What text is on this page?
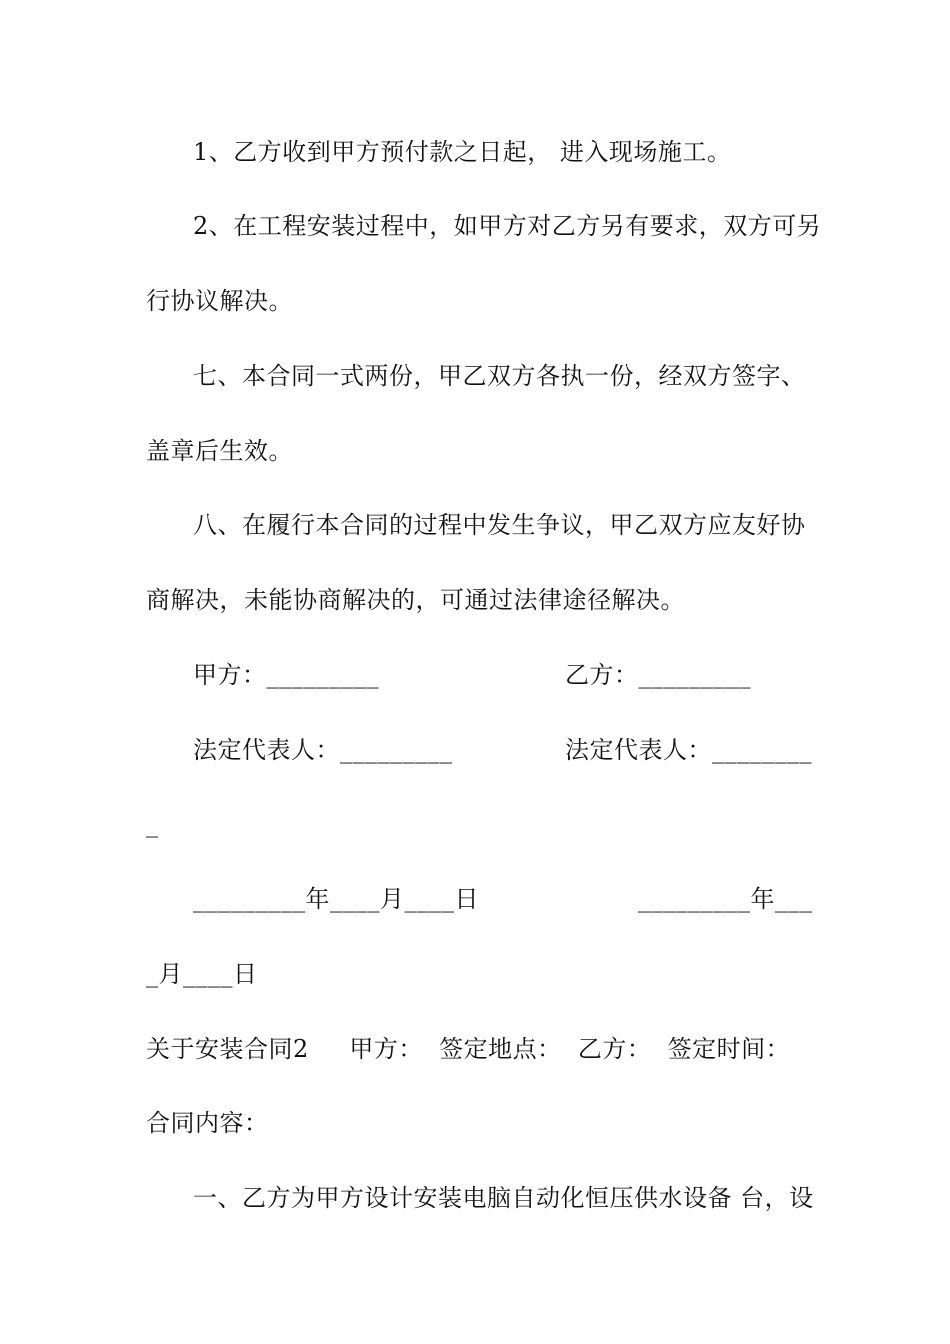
1、乙方收到甲方预付款之日起， 进入现场施工。
2、在工程安装过程中，如甲方对乙方另有要求，双方可另
行协议解决。
七、本合同一式两份，甲乙双方各执一份，经双方签字、
盖章后生效。
八、在履行本合同的过程中发生争议，甲乙双方应友好协
商解决，未能协商解决的，可通过法律途径解决。
甲方：_________	乙方：_________
法定代表人：_________	法定代表人：________
_
_________年____月____日	_________年___
_月____日
关于安装合同2     甲方：  签定地点：  乙方：  签定时间：
合同内容：
一、乙方为甲方设计安装电脑自动化恒压供水设备 台，设
